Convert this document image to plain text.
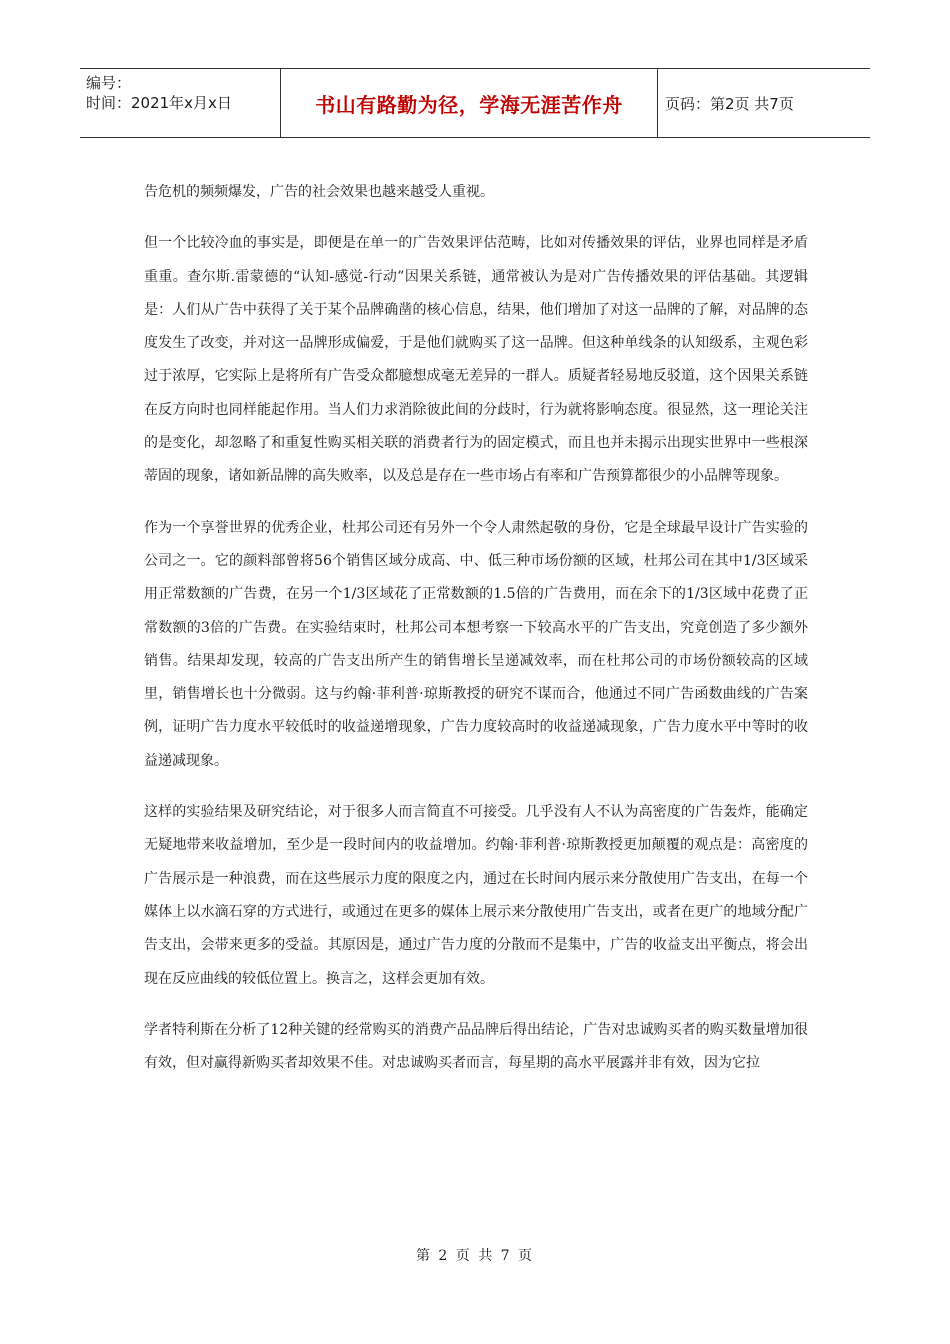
编号：
时间：2021年x月x日	书山有路勤为径，学海无涯苦作舟	页码：第2页 共7页

告危机的频频爆发，广告的社会效果也越来越受人重视。

但一个比较冷血的事实是，即便是在单一的广告效果评估范畴，比如对传播效果的评估，业界也同样是矛盾重重。查尔斯.雷蒙德的“认知-感觉-行动”因果关系链，通常被认为是对广告传播效果的评估基础。其逻辑是：人们从广告中获得了关于某个品牌确凿的核心信息，结果，他们增加了对这一品牌的了解，对品牌的态度发生了改变，并对这一品牌形成偏爱，于是他们就购买了这一品牌。但这种单线条的认知级系，主观色彩过于浓厚，它实际上是将所有广告受众都臆想成毫无差异的一群人。质疑者轻易地反驳道，这个因果关系链在反方向时也同样能起作用。当人们力求消除彼此间的分歧时，行为就将影响态度。很显然，这一理论关注的是变化，却忽略了和重复性购买相关联的消费者行为的固定模式，而且也并未揭示出现实世界中一些根深蒂固的现象，诸如新品牌的高失败率，以及总是存在一些市场占有率和广告预算都很少的小品牌等现象。

作为一个享誉世界的优秀企业，杜邦公司还有另外一个令人肃然起敬的身份，它是全球最早设计广告实验的公司之一。它的颜料部曾将56个销售区域分成高、中、低三种市场份额的区域，杜邦公司在其中1/3区域采用正常数额的广告费，在另一个1/3区域花了正常数额的1.5倍的广告费用，而在余下的1/3区域中花费了正常数额的3倍的广告费。在实验结束时，杜邦公司本想考察一下较高水平的广告支出，究竟创造了多少额外销售。结果却发现，较高的广告支出所产生的销售增长呈递减效率，而在杜邦公司的市场份额较高的区域里，销售增长也十分微弱。这与约翰·菲利普·琼斯教授的研究不谋而合，他通过不同广告函数曲线的广告案例，证明广告力度水平较低时的收益递增现象，广告力度较高时的收益递减现象，广告力度水平中等时的收益递减现象。

这样的实验结果及研究结论，对于很多人而言简直不可接受。几乎没有人不认为高密度的广告轰炸，能确定无疑地带来收益增加，至少是一段时间内的收益增加。约翰·菲利普·琼斯教授更加颠覆的观点是：高密度的广告展示是一种浪费，而在这些展示力度的限度之内，通过在长时间内展示来分散使用广告支出，在每一个媒体上以水滴石穿的方式进行，或通过在更多的媒体上展示来分散使用广告支出，或者在更广的地域分配广告支出，会带来更多的受益。其原因是，通过广告力度的分散而不是集中，广告的收益支出平衡点，将会出现在反应曲线的较低位置上。换言之，这样会更加有效。

学者特利斯在分析了12种关键的经常购买的消费产品品牌后得出结论，广告对忠诚购买者的购买数量增加很有效，但对赢得新购买者却效果不佳。对忠诚购买者而言，每星期的高水平展露并非有效，因为它拉

第 2 页 共 7 页
